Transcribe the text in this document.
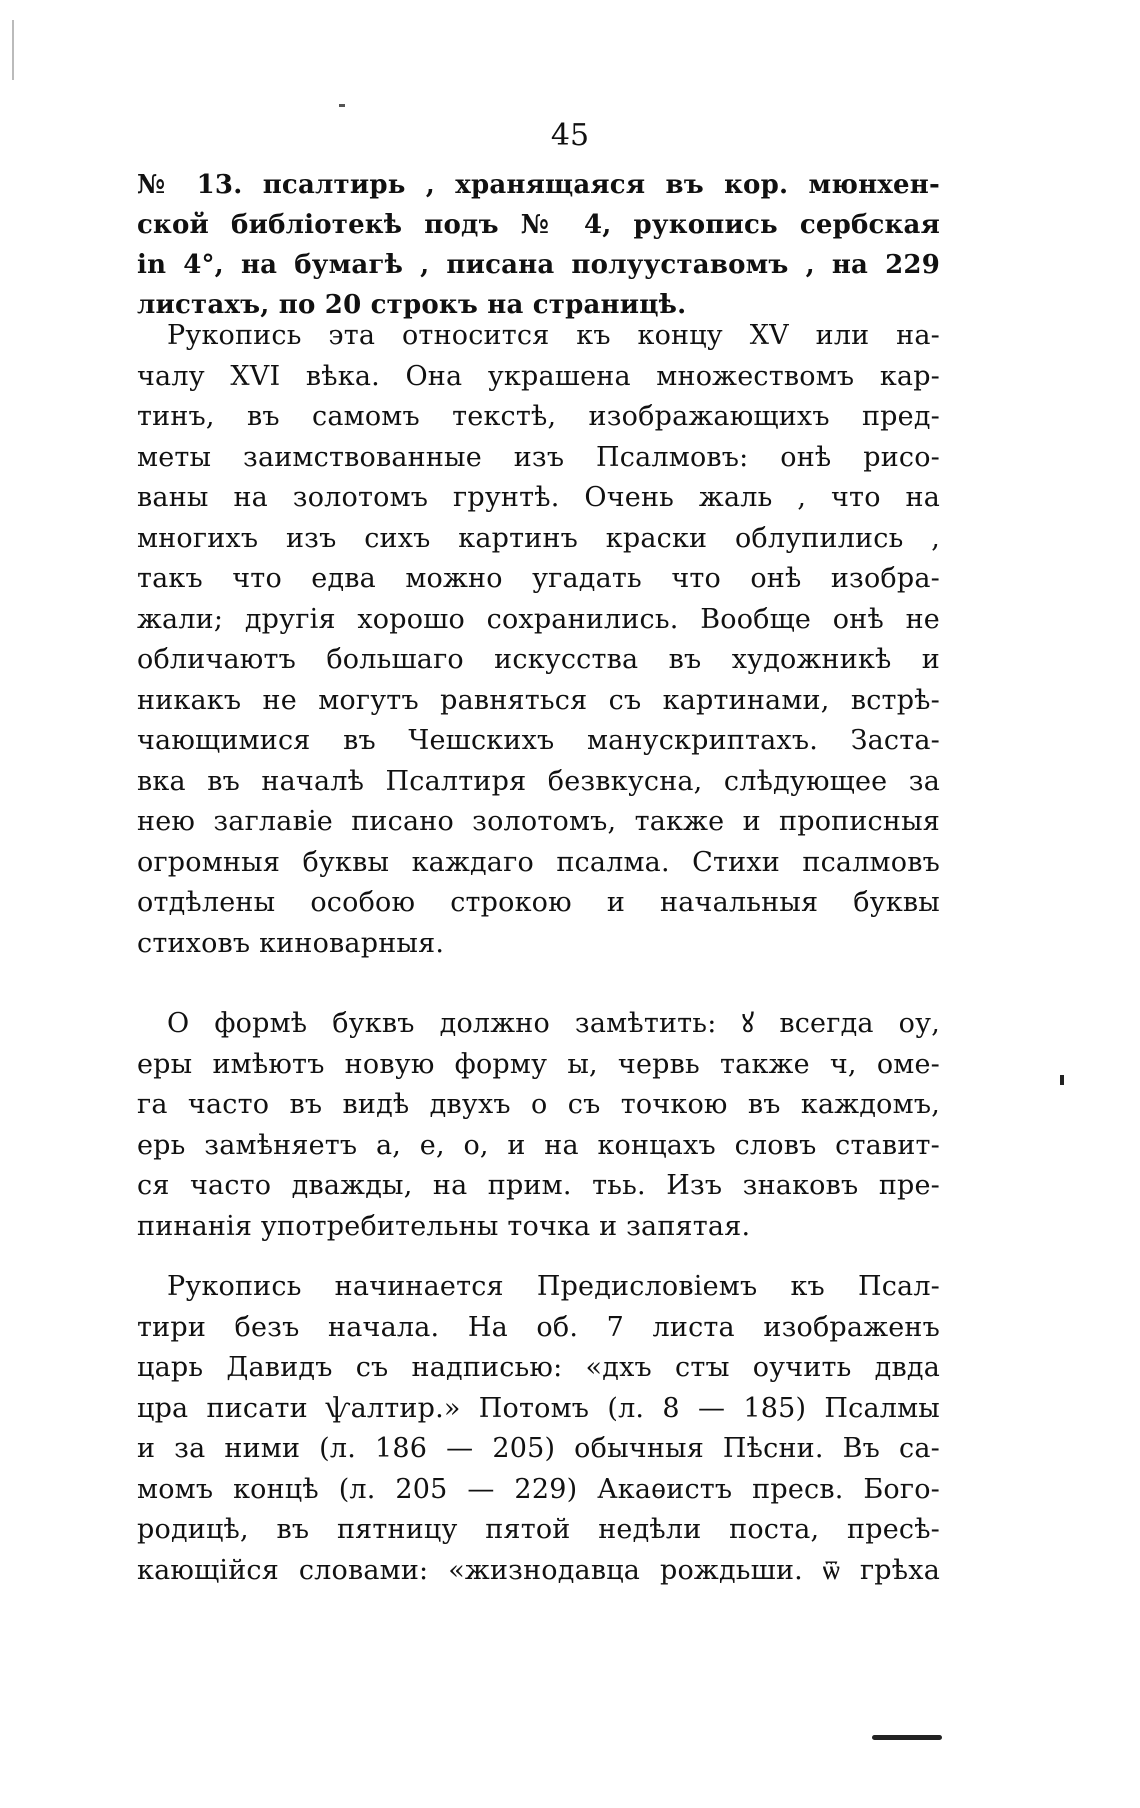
45
№ 13. псалтирь , хранящаяся въ кор. мюнхен-
ской библіотекѣ подъ № 4, рукопись сербская
in 4°, на бумагѣ , писана полууставомъ , на 229
листахъ, по 20 строкъ на страницѣ.
Рукопись эта относится къ концу XV или на-
чалу XVI вѣка. Она украшена множествомъ кар-
тинъ, въ самомъ текстѣ, изображающихъ пред-
меты заимствованные изъ Псалмовъ: онѣ рисо-
ваны на золотомъ грунтѣ. Очень жаль , что на
многихъ изъ сихъ картинъ краски облупились ,
такъ что едва можно угадать что онѣ изобра-
жали; другія хорошо сохранились. Вообще онѣ не
обличаютъ большаго искусства въ художникѣ и
никакъ не могутъ равняться съ картинами, встрѣ-
чающимися въ Чешскихъ манускриптахъ. Заста-
вка въ началѣ Псалтиря безвкусна, слѣдующее за
нею заглавіе писано золотомъ, также и прописныя
огромныя буквы каждаго псалма. Стихи псалмовъ
отдѣлены особою строкою и начальныя буквы
стиховъ киноварныя.
О формѣ буквъ должно замѣтить: ꙋ всегда оу,
еры имѣютъ новую форму ы, червь также ч, оме-
га часто въ видѣ двухъ о съ точкою въ каждомъ,
ерь замѣняетъ а, е, о, и на концахъ словъ ставит-
ся часто дважды, на прим. тьь. Изъ знаковъ пре-
пинанія употребительны точка и запятая.
Рукопись начинается Предисловіемъ къ Псал-
тири безъ начала. На об. 7 листа изображенъ
царь Давидъ съ надписью: «дхъ стꙑ оучить двда
цра писати ѱалтир.» Потомъ (л. 8 — 185) Псалмы
и за ними (л. 186 — 205) обычныя Пѣсни. Въ са-
момъ концѣ (л. 205 — 229) Акаѳистъ пресв. Бого-
родицѣ, въ пятницу пятой недѣли поста, пресѣ-
кающійся словами: «жизнодавца рождьши. ѿ грѣха
